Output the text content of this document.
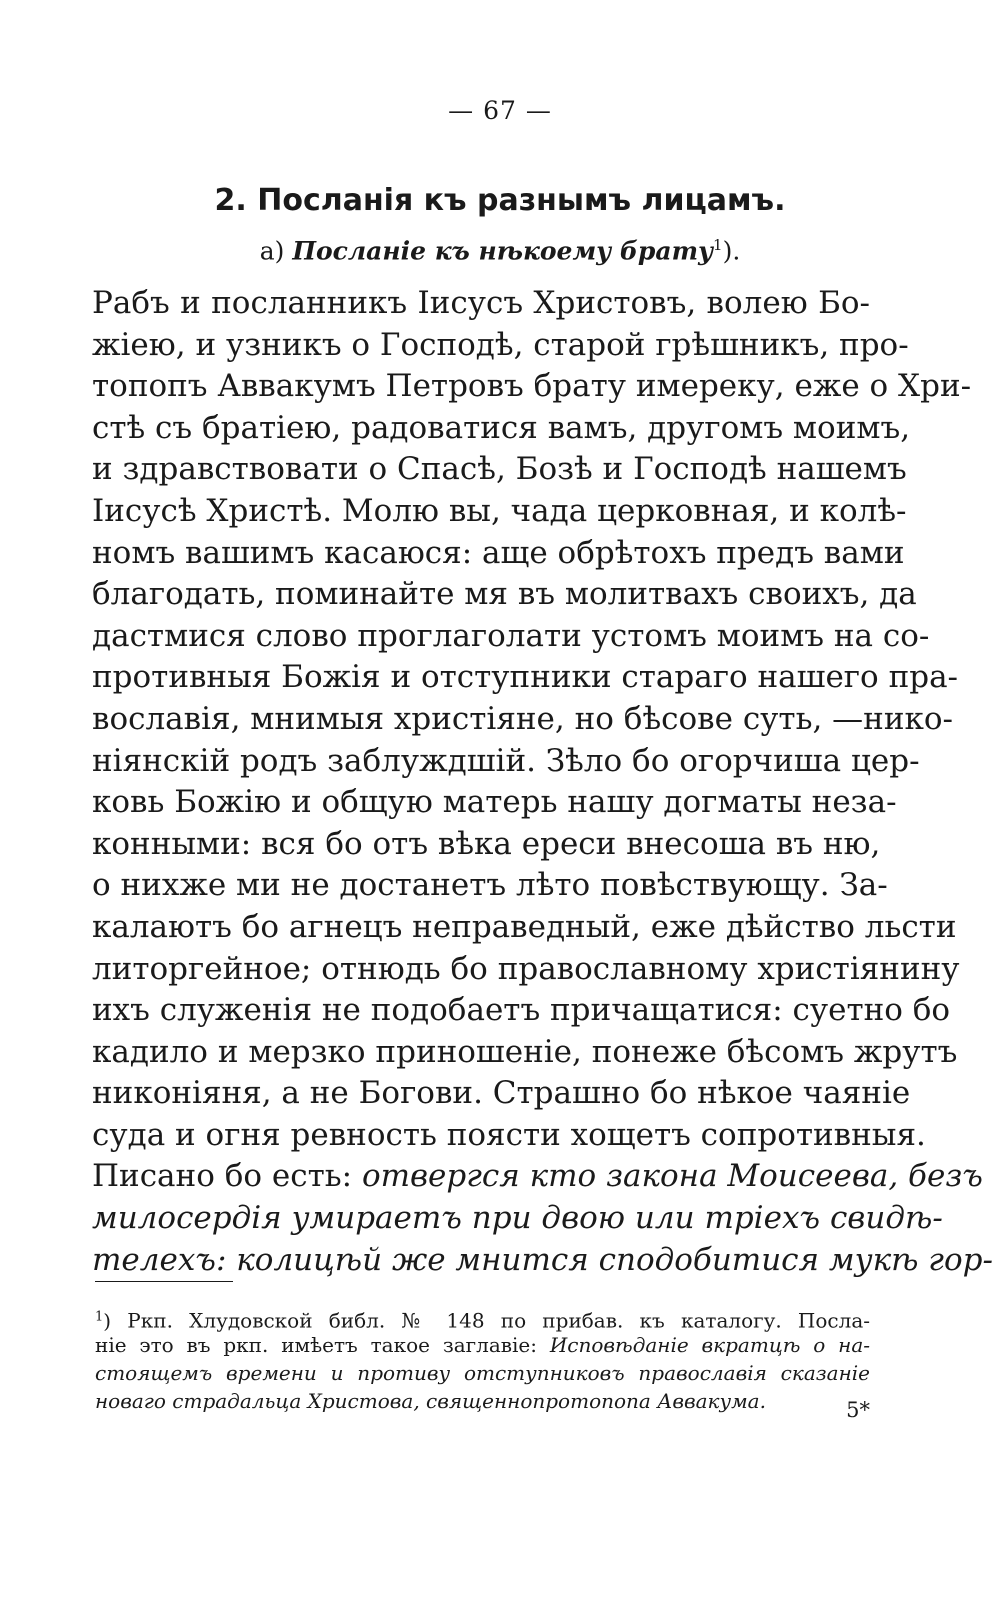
— 67 —
2. Посланія къ разнымъ лицамъ.
а) Посланіе къ нѣкоему брату$^1$).
Рабъ и посланникъ Іисусъ Христовъ, волею Бо-
жіею, и узникъ о Господѣ, старой грѣшникъ, про-
топопъ Аввакумъ Петровъ брату имереку, еже о Хри-
стѣ съ братіею, радоватися вамъ, другомъ моимъ,
и здравствовати о Спасѣ, Бозѣ и Господѣ нашемъ
Іисусѣ Христѣ. Молю вы, чада церковная, и колѣ-
номъ вашимъ касаюся: аще обрѣтохъ предъ вами
благодать, поминайте мя въ молитвахъ своихъ, да
дастмися слово проглаголати устомъ моимъ на со-
противныя Божія и отступники стараго нашего пра-
вославія, мнимыя христіяне, но бѣсове суть, —нико-
ніянскій родъ заблуждшій. Зѣло бо огорчиша цер-
ковь Божію и общую матерь нашу догматы неза-
конными: вся бо отъ вѣка ереси внесоша въ ню,
о нихже ми не достанетъ лѣто повѣствующу. За-
калаютъ бо агнецъ неправедный, еже дѣйство льсти
литоргейное; отнюдь бо православному христіянину
ихъ служенія не подобаетъ причащатися: суетно бо
кадило и мерзко приношеніе, понеже бѣсомъ жрутъ
никоніяня, а не Богови. Страшно бо нѣкое чаяніе
суда и огня ревность поясти хощетъ сопротивныя.
Писано бо есть: отвергся кто закона Моисеева, безъ
милосердія умираетъ при двою или тріехъ свидѣ-
телехъ: колицѣй же мнится сподобитися мукѣ гор-
$^1$) Ркп. Хлудовской библ. № 148 по прибав. къ каталогу. Посла-
ніе это въ ркп. имѣетъ такое заглавіе: Исповѣданіе вкратцѣ о на-
стоящемъ времени и противу отступниковъ православія сказаніе
новаго страдальца Христова, священнопротопопа Аввакума.	5*
